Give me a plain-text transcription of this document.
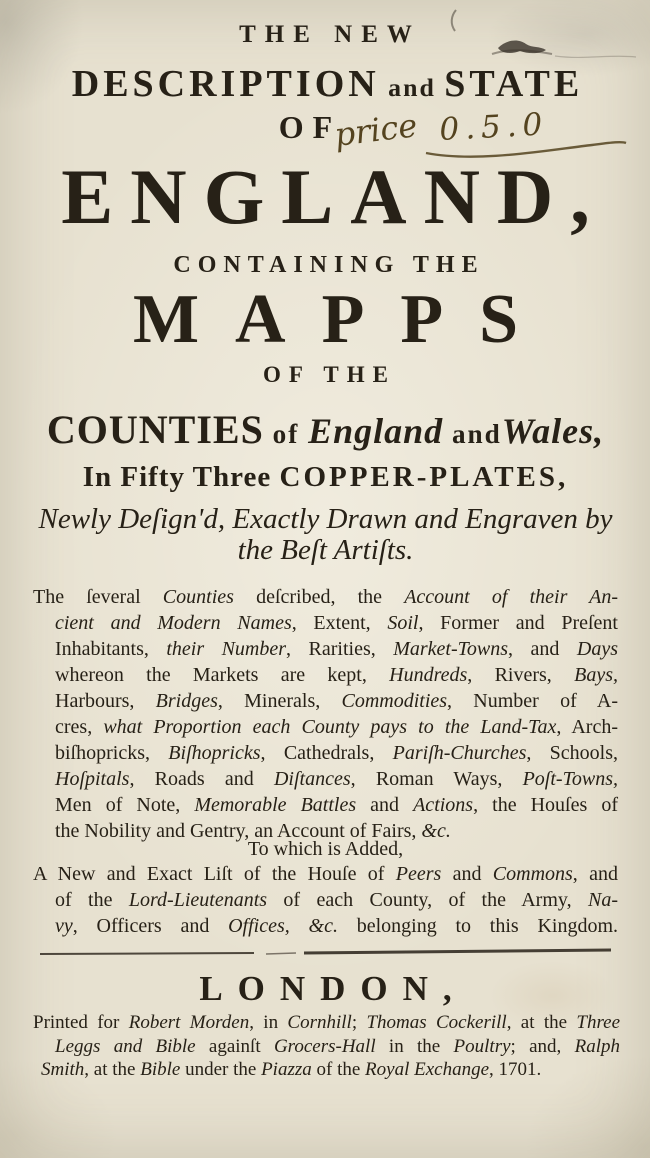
THE NEW
DESCRIPTION and STATE
OF
price 0.5.0
ENGLAND,
CONTAINING THE
MAPPS
OF THE
COUNTIES of England andWales,
In Fifty Three COPPER-PLATES,
Newly Deſign'd, Exactly Drawn and Engraven by
the Beſt Artiſts.
The ſeveral Counties deſcribed, the Account of their An-
cient and Modern Names, Extent, Soil, Former and Preſent
Inhabitants, their Number, Rarities, Market-Towns, and Days
whereon the Markets are kept, Hundreds, Rivers, Bays,
Harbours, Bridges, Minerals, Commodities, Number of A-
cres, what Proportion each County pays to the Land-Tax, Arch-
biſhopricks, Biſhopricks, Cathedrals, Pariſh-Churches, Schools,
Hoſpitals, Roads and Diſtances, Roman Ways, Poſt-Towns,
Men of Note, Memorable Battles and Actions, the Houſes of
the Nobility and Gentry, an Account of Fairs, &c.
To which is Added,
A New and Exact Liſt of the Houſe of Peers and Commons, and
of the Lord-Lieutenants of each County, of the Army, Na-
vy, Officers and Offices, &c. belonging to this Kingdom.
LONDON,
Printed for Robert Morden, in Cornhill; Thomas Cockerill, at the Three
Leggs and Bible againſt Grocers-Hall in the Poultry; and, Ralph
Smith, at the Bible under the Piazza of the Royal Exchange, 1701.
